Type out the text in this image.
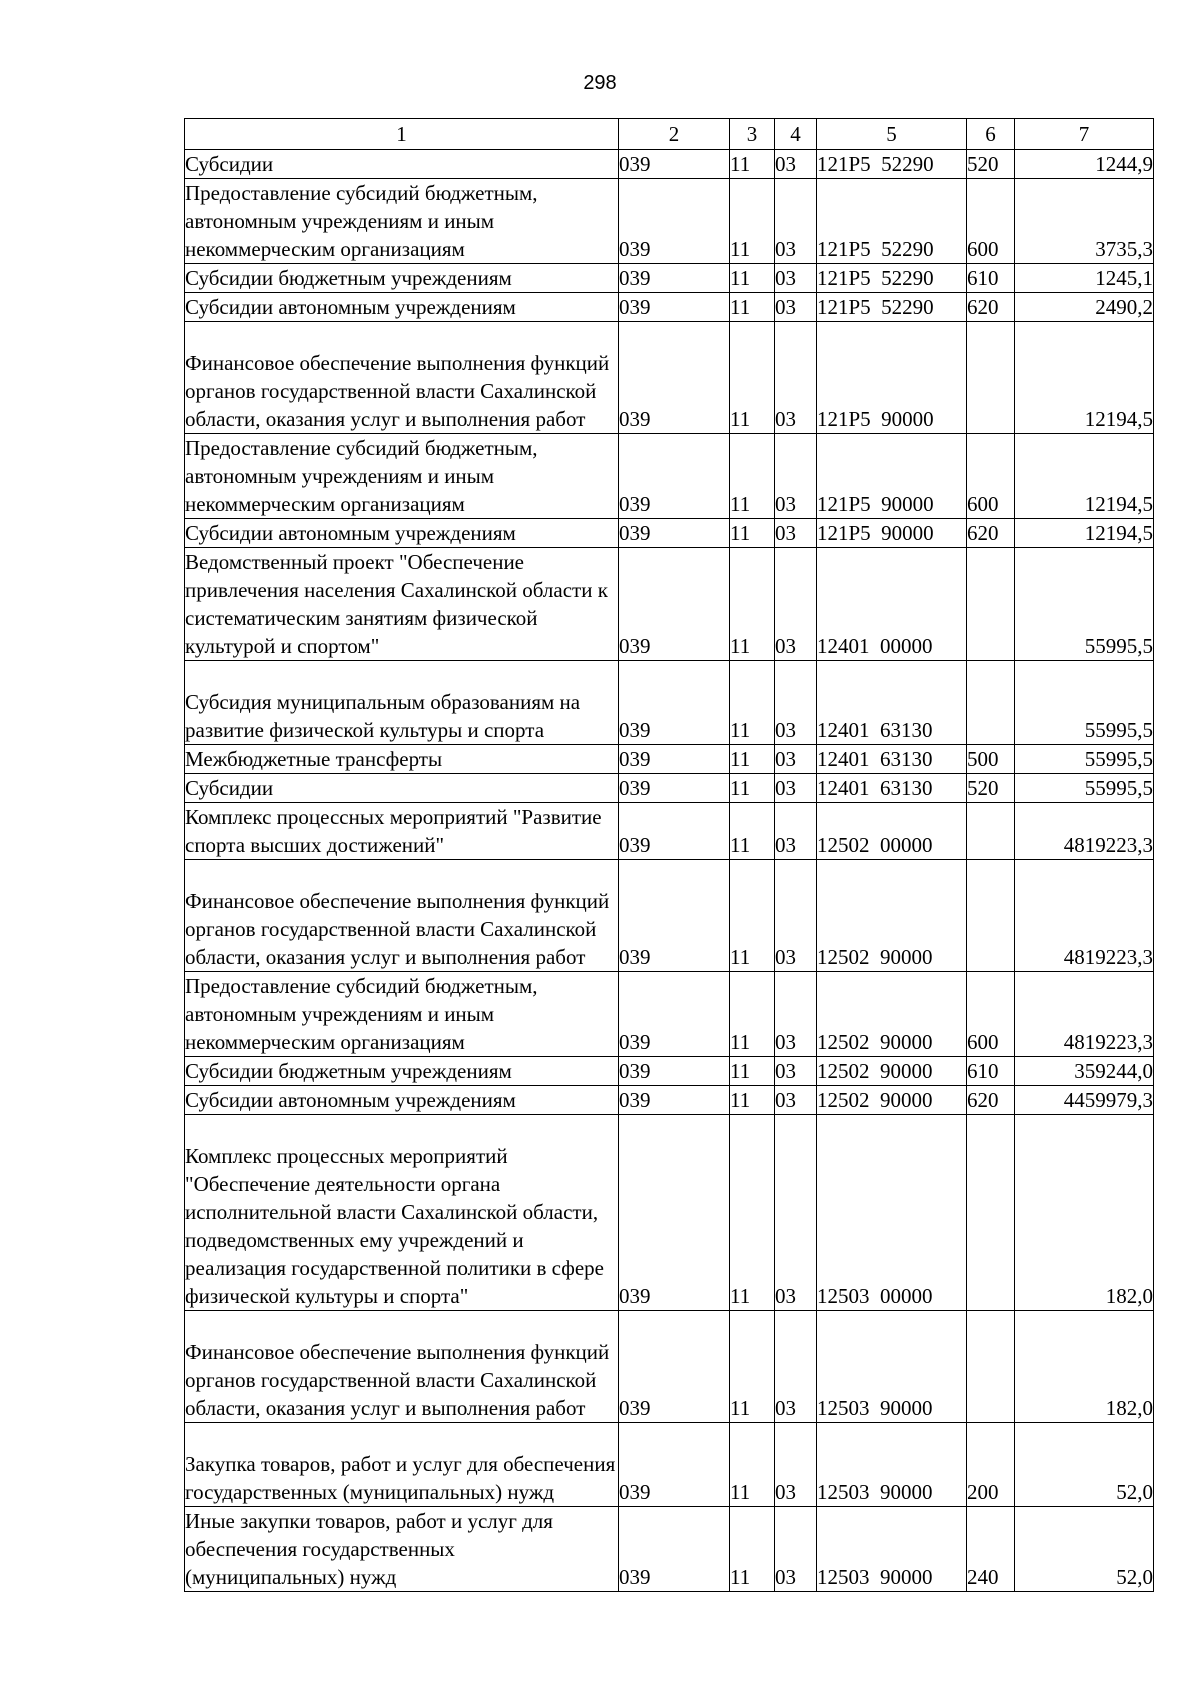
298
1	2	3	4	5	6	7
Субсидии	039	11	03	121P5  52290	520	1244,9
Предоставление субсидий бюджетным, автономным учреждениям и иным некоммерческим организациям	039	11	03	121P5  52290	600	3735,3
Субсидии бюджетным учреждениям	039	11	03	121P5  52290	610	1245,1
Субсидии автономным учреждениям	039	11	03	121P5  52290	620	2490,2
Финансовое обеспечение выполнения функций органов государственной власти Сахалинской области, оказания услуг и выполнения работ	039	11	03	121P5  90000		12194,5
Предоставление субсидий бюджетным, автономным учреждениям и иным некоммерческим организациям	039	11	03	121P5  90000	600	12194,5
Субсидии автономным учреждениям	039	11	03	121P5  90000	620	12194,5
Ведомственный проект "Обеспечение привлечения населения Сахалинской области к систематическим занятиям физической культурой и спортом"	039	11	03	12401  00000		55995,5
Субсидия муниципальным образованиям на развитие физической культуры и спорта	039	11	03	12401  63130		55995,5
Межбюджетные трансферты	039	11	03	12401  63130	500	55995,5
Субсидии	039	11	03	12401  63130	520	55995,5
Комплекс процессных мероприятий "Развитие спорта высших достижений"	039	11	03	12502  00000		4819223,3
Финансовое обеспечение выполнения функций органов государственной власти Сахалинской области, оказания услуг и выполнения работ	039	11	03	12502  90000		4819223,3
Предоставление субсидий бюджетным, автономным учреждениям и иным некоммерческим организациям	039	11	03	12502  90000	600	4819223,3
Субсидии бюджетным учреждениям	039	11	03	12502  90000	610	359244,0
Субсидии автономным учреждениям	039	11	03	12502  90000	620	4459979,3
Комплекс процессных мероприятий "Обеспечение деятельности органа исполнительной власти Сахалинской области, подведомственных ему учреждений и реализация государственной политики в сфере физической культуры и спорта"	039	11	03	12503  00000		182,0
Финансовое обеспечение выполнения функций органов государственной власти Сахалинской области, оказания услуг и выполнения работ	039	11	03	12503  90000		182,0
Закупка товаров, работ и услуг для обеспечения государственных (муниципальных) нужд	039	11	03	12503  90000	200	52,0
Иные закупки товаров, работ и услуг для обеспечения государственных (муниципальных) нужд	039	11	03	12503  90000	240	52,0
